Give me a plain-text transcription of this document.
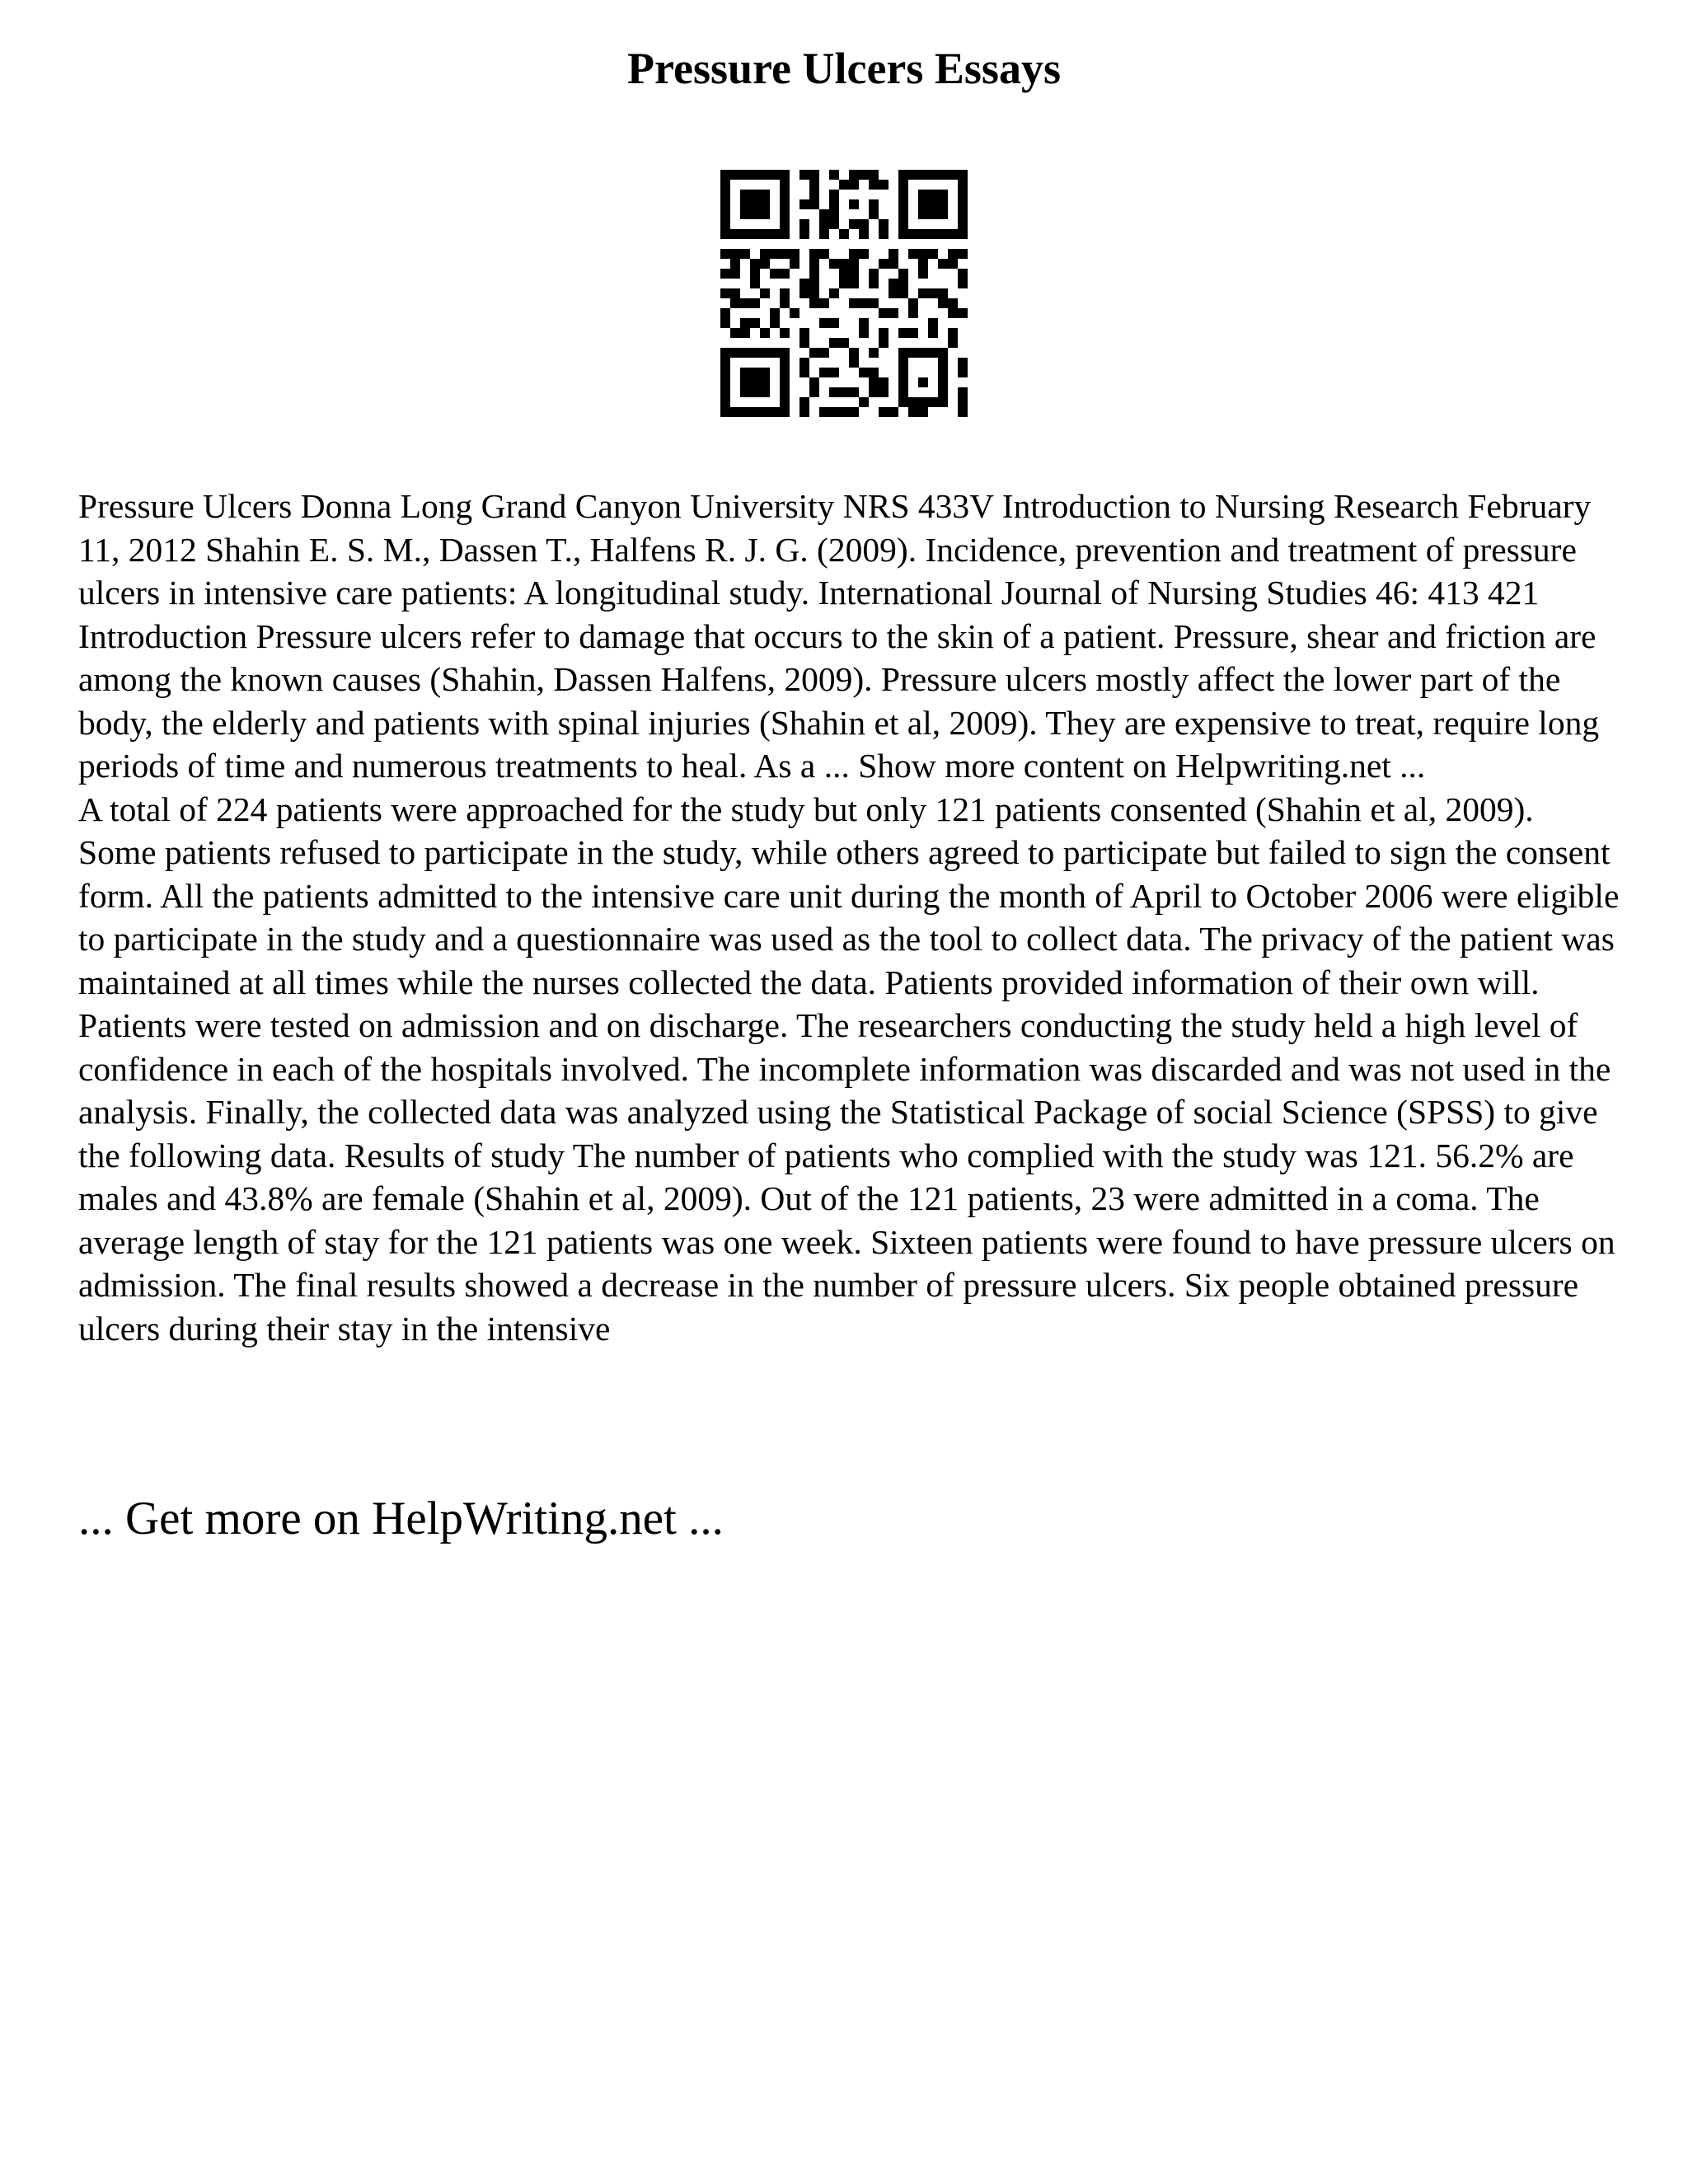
Pressure Ulcers Essays

Pressure Ulcers Donna Long Grand Canyon University NRS 433V Introduction to Nursing Research February 11, 2012 Shahin E. S. M., Dassen T., Halfens R. J. G. (2009). Incidence, prevention and treatment of pressure ulcers in intensive care patients: A longitudinal study. International Journal of Nursing Studies 46: 413 421 Introduction Pressure ulcers refer to damage that occurs to the skin of a patient. Pressure, shear and friction are among the known causes (Shahin, Dassen Halfens, 2009). Pressure ulcers mostly affect the lower part of the body, the elderly and patients with spinal injuries (Shahin et al, 2009). They are expensive to treat, require long periods of time and numerous treatments to heal. As a ... Show more content on Helpwriting.net ...

A total of 224 patients were approached for the study but only 121 patients consented (Shahin et al, 2009). Some patients refused to participate in the study, while others agreed to participate but failed to sign the consent form. All the patients admitted to the intensive care unit during the month of April to October 2006 were eligible to participate in the study and a questionnaire was used as the tool to collect data. The privacy of the patient was maintained at all times while the nurses collected the data. Patients provided information of their own will. Patients were tested on admission and on discharge. The researchers conducting the study held a high level of confidence in each of the hospitals involved. The incomplete information was discarded and was not used in the analysis. Finally, the collected data was analyzed using the Statistical Package of social Science (SPSS) to give the following data. Results of study The number of patients who complied with the study was 121. 56.2% are males and 43.8% are female (Shahin et al, 2009). Out of the 121 patients, 23 were admitted in a coma. The average length of stay for the 121 patients was one week. Sixteen patients were found to have pressure ulcers on admission. The final results showed a decrease in the number of pressure ulcers. Six people obtained pressure ulcers during their stay in the intensive

... Get more on HelpWriting.net ...
